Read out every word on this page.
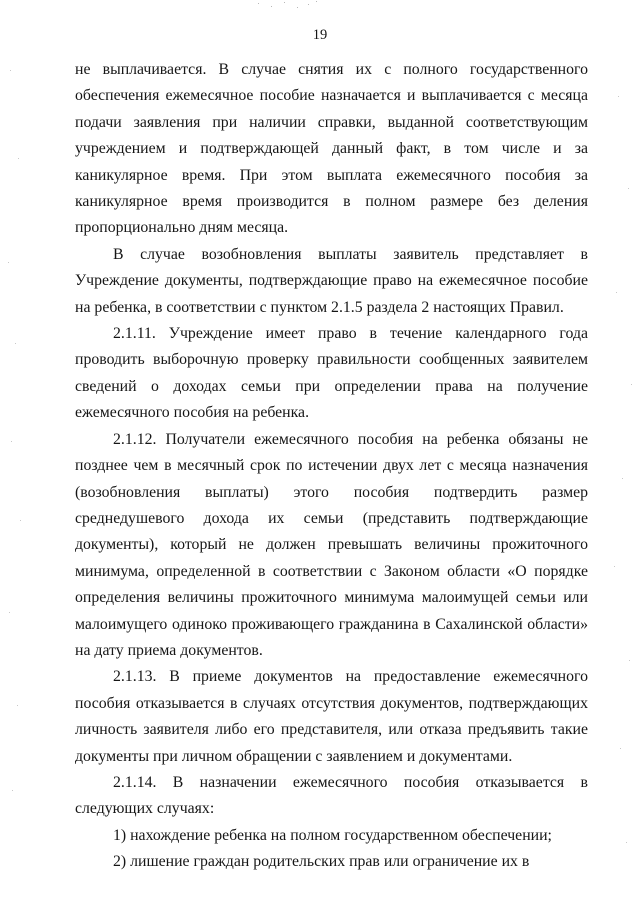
19

не выплачивается. В случае снятия их с полного государственного обеспечения ежемесячное пособие назначается и выплачивается с месяца подачи заявления при наличии справки, выданной соответствующим учреждением и подтверждающей данный факт, в том числе и за каникулярное время. При этом выплата ежемесячного пособия за каникулярное время производится в полном размере без деления пропорционально дням месяца.

В случае возобновления выплаты заявитель представляет в Учреждение документы, подтверждающие право на ежемесячное пособие на ребенка, в соответствии с пунктом 2.1.5 раздела 2 настоящих Правил.

2.1.11. Учреждение имеет право в течение календарного года проводить выборочную проверку правильности сообщенных заявителем сведений о доходах семьи при определении права на получение ежемесячного пособия на ребенка.

2.1.12. Получатели ежемесячного пособия на ребенка обязаны не позднее чем в месячный срок по истечении двух лет с месяца назначения (возобновления выплаты) этого пособия подтвердить размер среднедушевого дохода их семьи (представить подтверждающие документы), который не должен превышать величины прожиточного минимума, определенной в соответствии с Законом области «О порядке определения величины прожиточного минимума малоимущей семьи или малоимущего одиноко проживающего гражданина в Сахалинской области» на дату приема документов.

2.1.13. В приеме документов на предоставление ежемесячного пособия отказывается в случаях отсутствия документов, подтверждающих личность заявителя либо его представителя, или отказа предъявить такие документы при личном обращении с заявлением и документами.

2.1.14. В назначении ежемесячного пособия отказывается в следующих случаях:

1) нахождение ребенка на полном государственном обеспечении;

2) лишение граждан родительских прав или ограничение их в
